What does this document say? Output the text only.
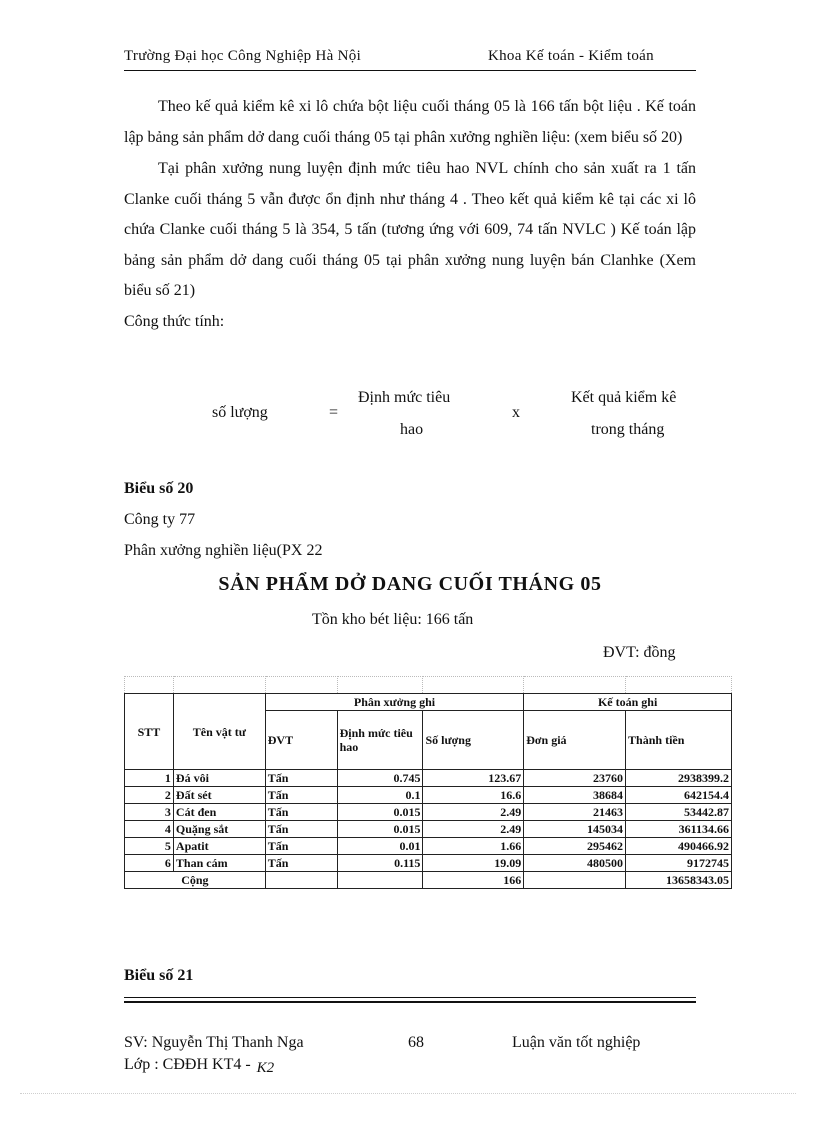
Trường Đại học Công Nghiệp Hà Nội	Khoa Kế toán - Kiểm toán

Theo kế quả kiểm kê xi lô chứa bột liệu cuối tháng 05 là 166 tấn bột liệu . Kế toán lập bảng sản phẩm dở dang cuối tháng 05 tại phân xưởng nghiền liệu: (xem biểu số 20)

Tại phân xưởng nung luyện định mức tiêu hao NVL chính cho sản xuất ra 1 tấn Clanke cuối tháng 5 vẫn được ổn định như tháng 4 . Theo kết quả kiểm kê tại các xi lô chứa Clanke cuối tháng 5 là 354, 5 tấn (tương ứng với 609, 74 tấn NVLC ) Kế toán lập bảng sản phẩm dở dang cuối tháng 05 tại phân xưởng nung luyện bán Clanhke (Xem biểu số 21)

Công thức tính:

số lượng	=
Định mức tiêu
hao
x
Kết quả kiểm kê
trong tháng
Biểu số 20
Công ty 77
Phân xưởng nghiền liệu(PX 22
SẢN PHẨM DỞ DANG CUỐI THÁNG 05
Tồn kho bét liệu: 166 tấn
ĐVT: đồng

STT	Tên vật tư	Phân xưởng ghi			Kế toán ghi	
		ĐVT	Định mức tiêu hao	Số lượng	Đơn giá	Thành tiền
1	Đá vôi	Tấn	0.745	123.67	23760	2938399.2
2	Đất sét	Tấn	0.1	16.6	38684	642154.4
3	Cát đen	Tấn	0.015	2.49	21463	53442.87
4	Quặng sắt	Tấn	0.015	2.49	145034	361134.66
5	Apatit	Tấn	0.01	1.66	295462	490466.92
6	Than cám	Tấn	0.115	19.09	480500	9172745
Cộng				166		13658343.05
Biểu số 21
SV: Nguyễn Thị Thanh Nga	68	Luận văn tốt nghiệp
Lớp : CĐĐH KT4 - K2
